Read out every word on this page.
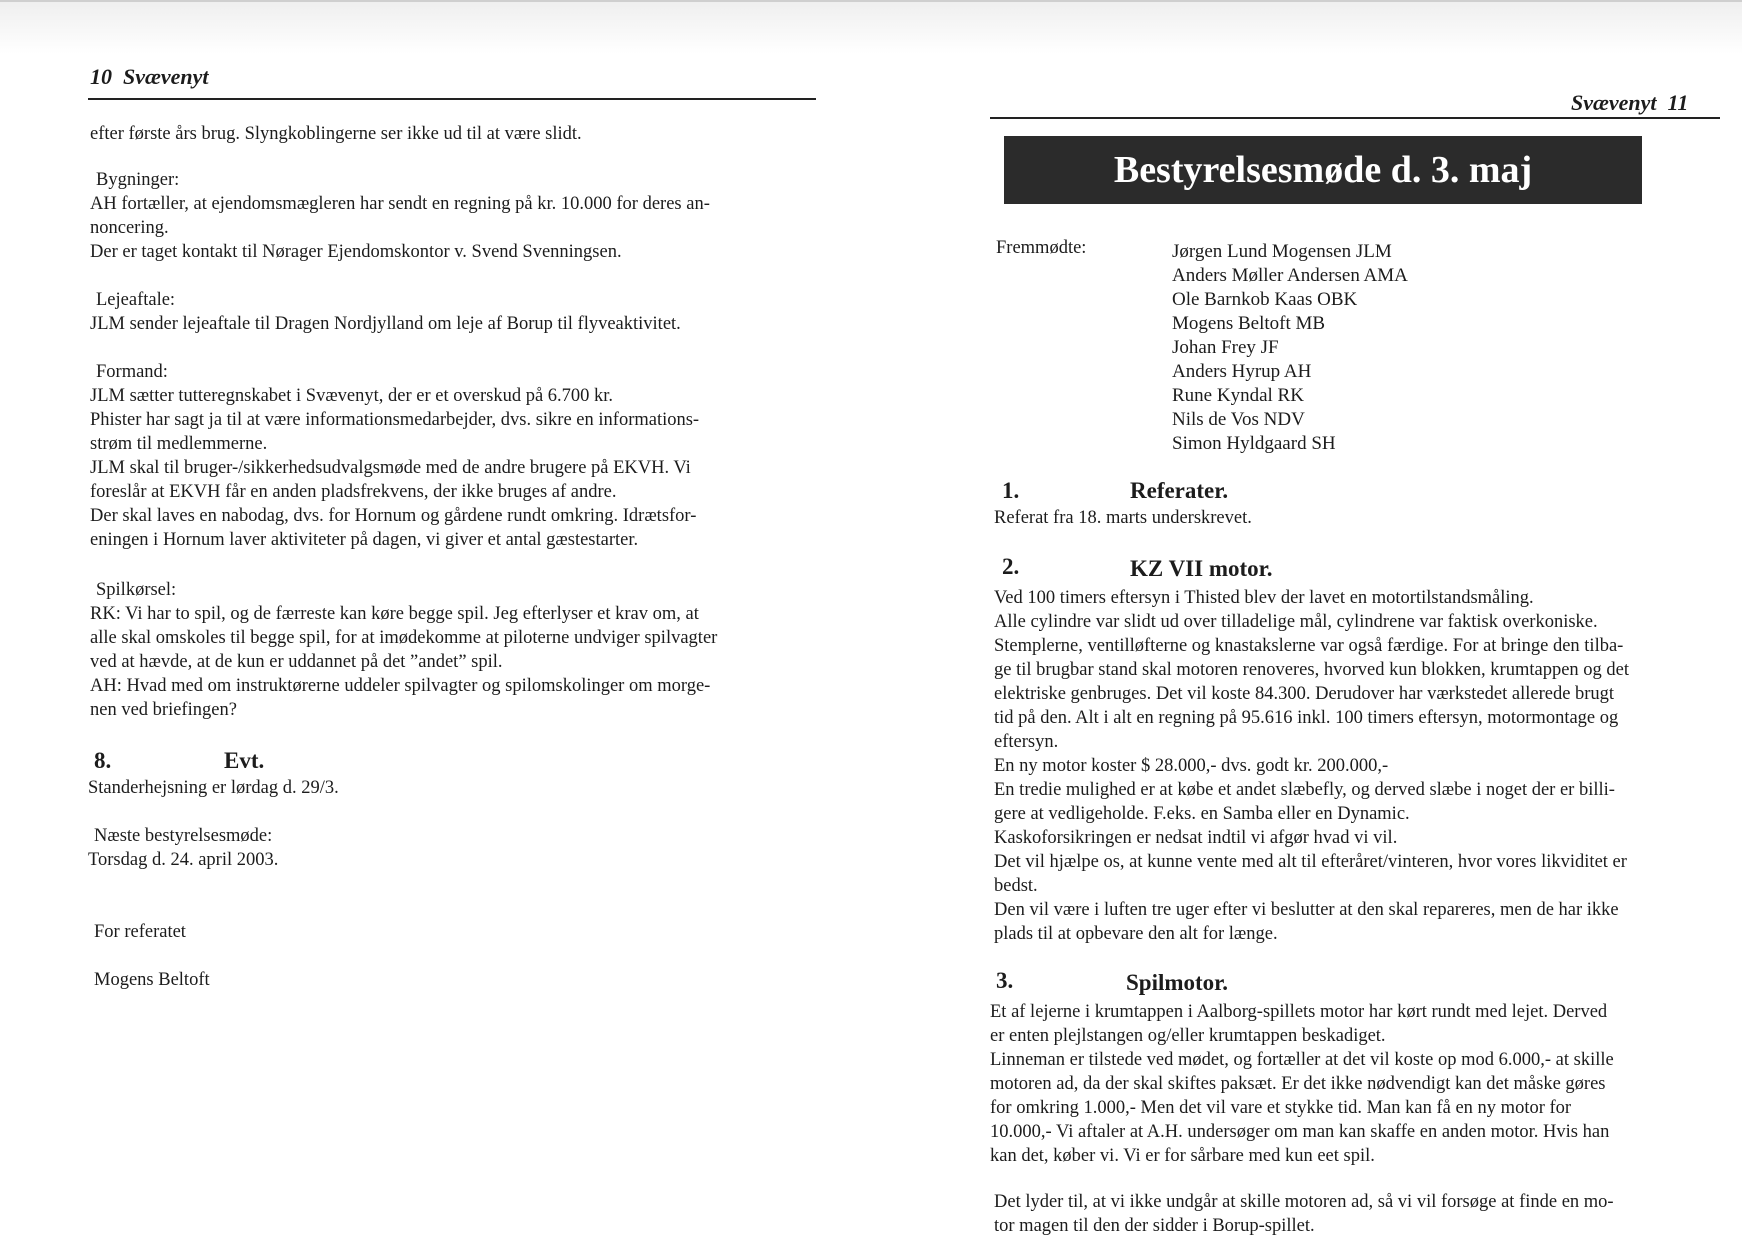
10 Svævenyt

efter første års brug. Slyngkoblingerne ser ikke ud til at være slidt.

Bygninger:

AH fortæller, at ejendomsmægleren har sendt en regning på kr. 10.000 for deres an-

noncering.

Der er taget kontakt til Nørager Ejendomskontor v. Svend Svenningsen.

Lejeaftale:

JLM sender lejeaftale til Dragen Nordjylland om leje af Borup til flyveaktivitet.

Formand:

JLM sætter tutteregnskabet i Svævenyt, der er et overskud på 6.700 kr.

Phister har sagt ja til at være informationsmedarbejder, dvs. sikre en informations-

strøm til medlemmerne.

JLM skal til bruger-/sikkerhedsudvalgsmøde med de andre brugere på EKVH. Vi

foreslår at EKVH får en anden pladsfrekvens, der ikke bruges af andre.

Der skal laves en nabodag, dvs. for Hornum og gårdene rundt omkring. Idrætsfor-

eningen i Hornum laver aktiviteter på dagen, vi giver et antal gæstestarter.

Spilkørsel:

RK: Vi har to spil, og de færreste kan køre begge spil. Jeg efterlyser et krav om, at

alle skal omskoles til begge spil, for at imødekomme at piloterne undviger spilvagter

ved at hævde, at de kun er uddannet på det ”andet” spil.

AH: Hvad med om instruktørerne uddeler spilvagter og spilomskolinger om morge-

nen ved briefingen?

8.	Evt.

Standerhejsning er lørdag d. 29/3.

Næste bestyrelsesmøde:

Torsdag d. 24. april 2003.

For referatet

Mogens Beltoft

Svævenyt 11
Bestyrelsesmøde d. 3. maj
Fremmødte:	Jørgen Lund Mogensen JLM
Anders Møller Andersen AMA
Ole Barnkob Kaas OBK
Mogens Beltoft MB
Johan Frey JF
Anders Hyrup AH
Rune Kyndal RK
Nils de Vos NDV
Simon Hyldgaard SH
1.	Referater.

Referat fra 18. marts underskrevet.

2.	KZ VII motor.

Ved 100 timers eftersyn i Thisted blev der lavet en motortilstandsmåling.

Alle cylindre var slidt ud over tilladelige mål, cylindrene var faktisk overkoniske.

Stemplerne, ventilløfterne og knastakslerne var også færdige. For at bringe den tilba-

ge til brugbar stand skal motoren renoveres, hvorved kun blokken, krumtappen og det

elektriske genbruges. Det vil koste 84.300. Derudover har værkstedet allerede brugt

tid på den. Alt i alt en regning på 95.616 inkl. 100 timers eftersyn, motormontage og

eftersyn.

En ny motor koster $ 28.000,- dvs. godt kr. 200.000,-

En tredie mulighed er at købe et andet slæbefly, og derved slæbe i noget der er billi-

gere at vedligeholde. F.eks. en Samba eller en Dynamic.

Kaskoforsikringen er nedsat indtil vi afgør hvad vi vil.

Det vil hjælpe os, at kunne vente med alt til efteråret/vinteren, hvor vores likviditet er

bedst.

Den vil være i luften tre uger efter vi beslutter at den skal repareres, men de har ikke

plads til at opbevare den alt for længe.

3.	Spilmotor.

Et af lejerne i krumtappen i Aalborg-spillets motor har kørt rundt med lejet. Derved

er enten plejlstangen og/eller krumtappen beskadiget.

Linneman er tilstede ved mødet, og fortæller at det vil koste op mod 6.000,- at skille

motoren ad, da der skal skiftes paksæt. Er det ikke nødvendigt kan det måske gøres

for omkring 1.000,- Men det vil vare et stykke tid. Man kan få en ny motor for

10.000,- Vi aftaler at A.H. undersøger om man kan skaffe en anden motor. Hvis han

kan det, køber vi. Vi er for sårbare med kun eet spil.

Det lyder til, at vi ikke undgår at skille motoren ad, så vi vil forsøge at finde en mo-

tor magen til den der sidder i Borup-spillet.
